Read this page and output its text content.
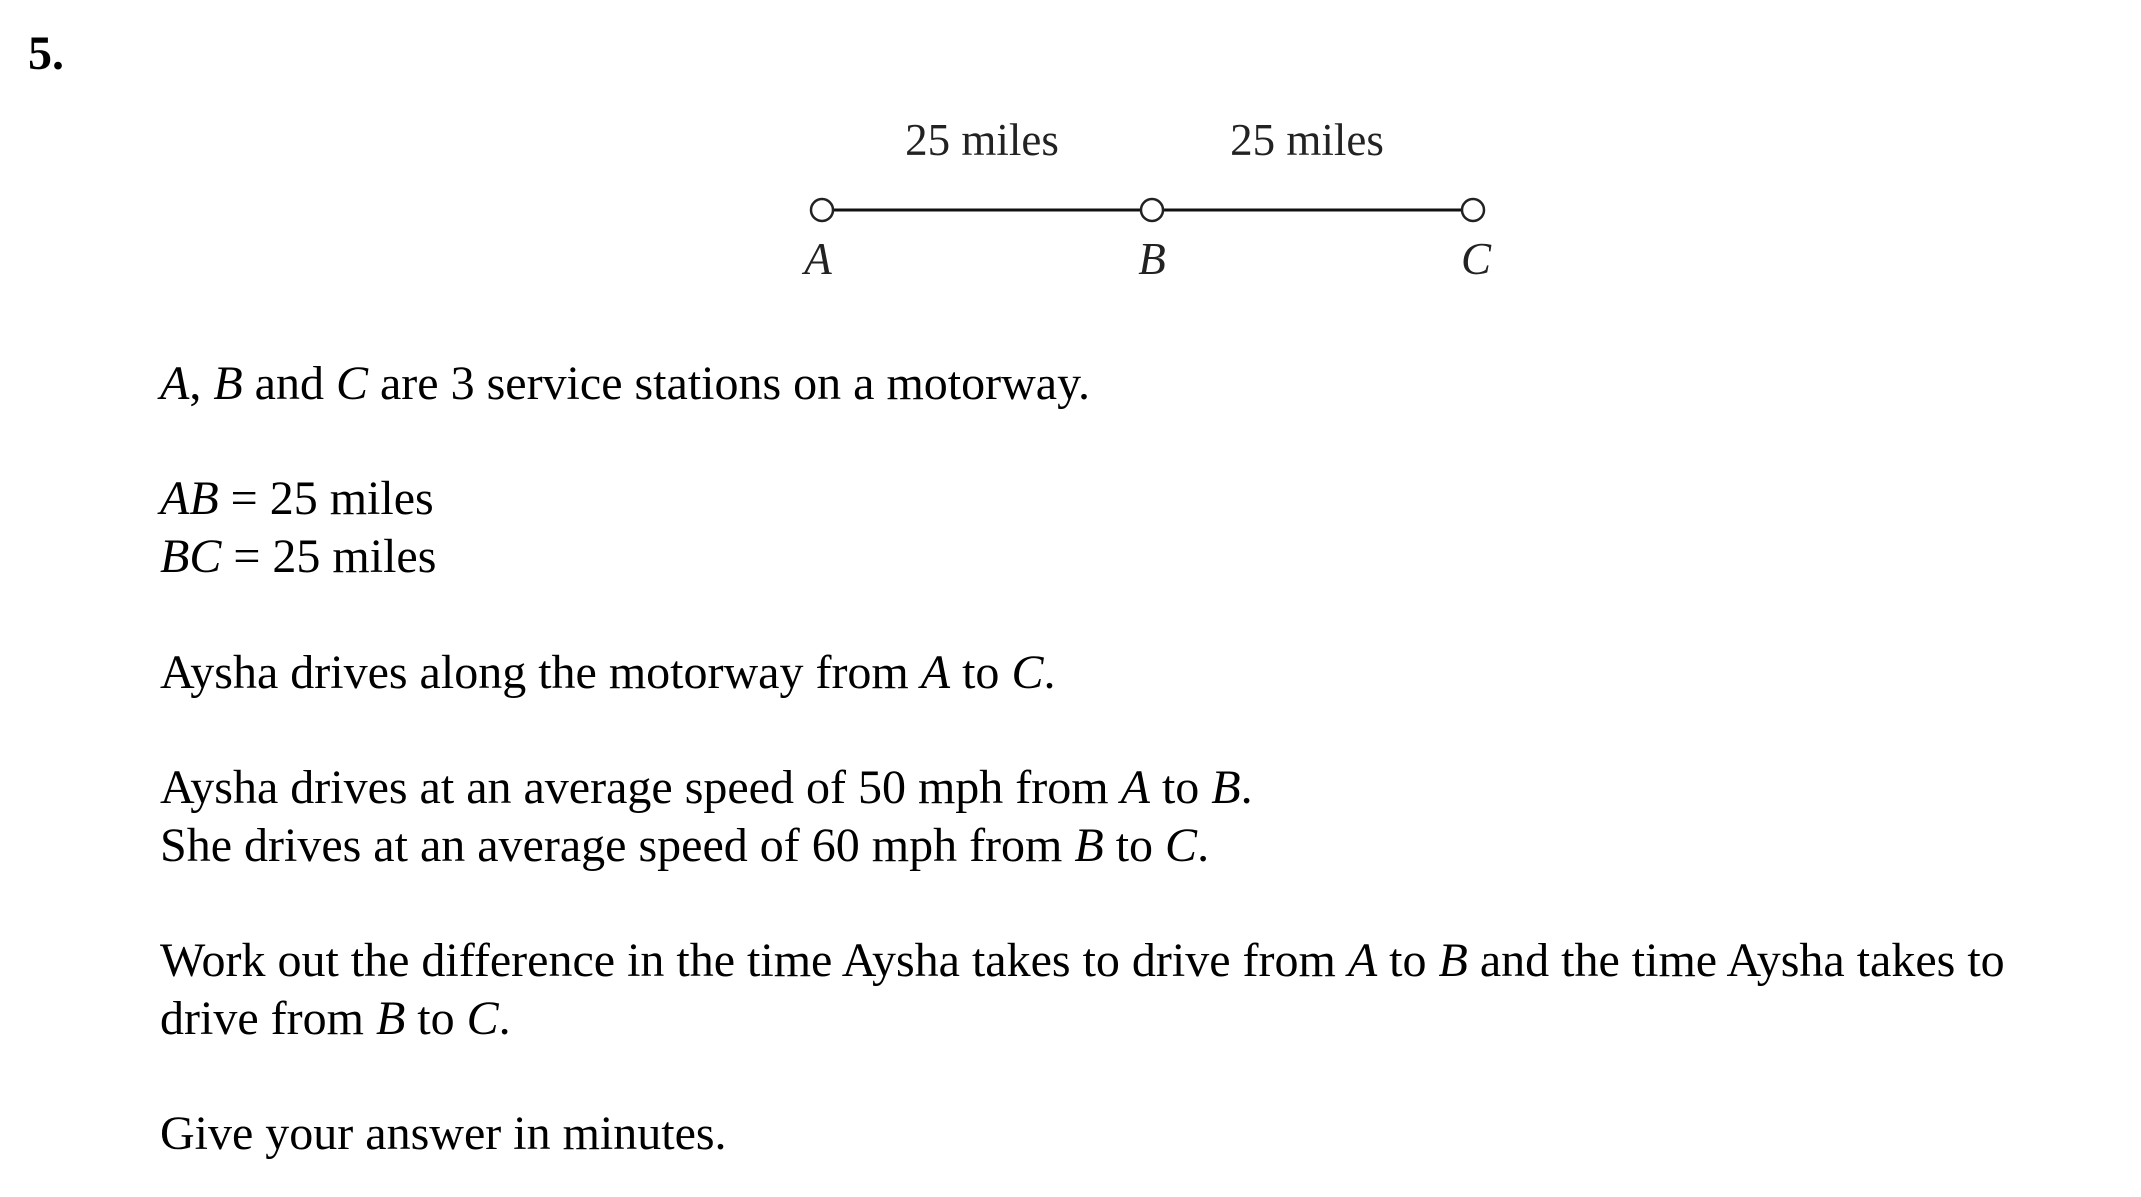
5.
25 miles	25 miles
A	B	C
A, B and C are 3 service stations on a motorway.
AB = 25 miles
BC = 25 miles
Aysha drives along the motorway from A to C.
Aysha drives at an average speed of 50 mph from A to B.
She drives at an average speed of 60 mph from B to C.
Work out the difference in the time Aysha takes to drive from A to B and the time Aysha takes to
drive from B to C.
Give your answer in minutes.
